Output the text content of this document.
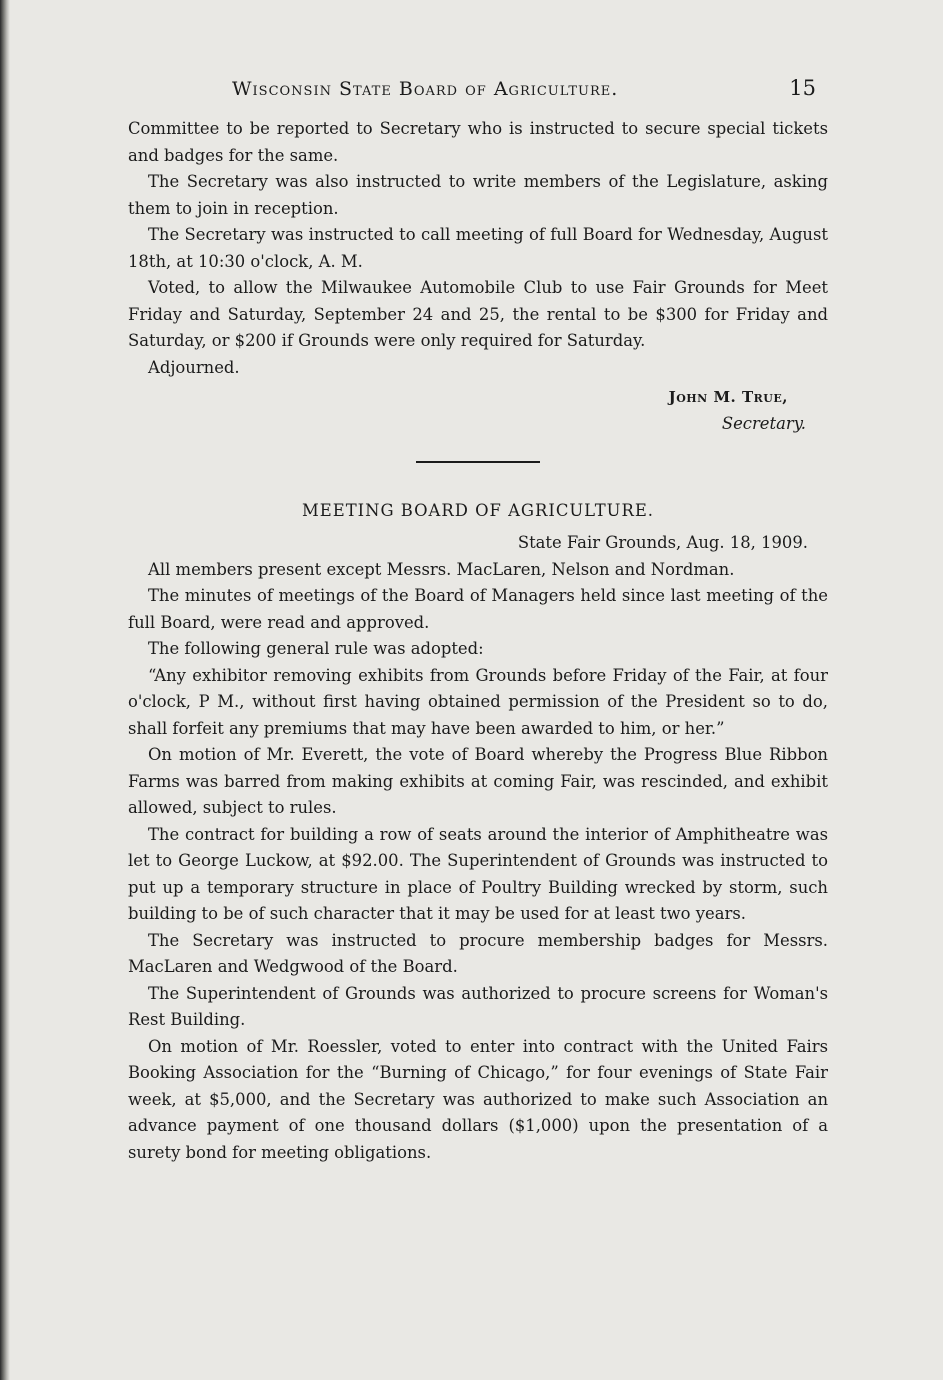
Wisconsin State Board of Agriculture.	15

Committee to be reported to Secretary who is instructed to secure special tickets and badges for the same.

The Secretary was also instructed to write members of the Legislature, asking them to join in reception.

The Secretary was instructed to call meeting of full Board for Wednesday, August 18th, at 10:30 o'clock, A. M.

Voted, to allow the Milwaukee Automobile Club to use Fair Grounds for Meet Friday and Saturday, September 24 and 25, the rental to be $300 for Friday and Saturday, or $200 if Grounds were only required for Saturday.

Adjourned.

John M. True,
Secretary.
MEETING BOARD OF AGRICULTURE.
State Fair Grounds, Aug. 18, 1909.

All members present except Messrs. MacLaren, Nelson and Nordman.

The minutes of meetings of the Board of Managers held since last meeting of the full Board, were read and approved.

The following general rule was adopted:

“Any exhibitor removing exhibits from Grounds before Friday of the Fair, at four o'clock, P M., without first having obtained permission of the President so to do, shall forfeit any premiums that may have been awarded to him, or her.”

On motion of Mr. Everett, the vote of Board whereby the Progress Blue Ribbon Farms was barred from making exhibits at coming Fair, was rescinded, and exhibit allowed, subject to rules.

The contract for building a row of seats around the interior of Amphitheatre was let to George Luckow, at $92.00. The Superintendent of Grounds was instructed to put up a temporary structure in place of Poultry Building wrecked by storm, such building to be of such character that it may be used for at least two years.

The Secretary was instructed to procure membership badges for Messrs. MacLaren and Wedgwood of the Board.

The Superintendent of Grounds was authorized to procure screens for Woman's Rest Building.

On motion of Mr. Roessler, voted to enter into contract with the United Fairs Booking Association for the “Burning of Chicago,” for four evenings of State Fair week, at $5,000, and the Secretary was authorized to make such Association an advance payment of one thousand dollars ($1,000) upon the presentation of a surety bond for meeting obligations.
